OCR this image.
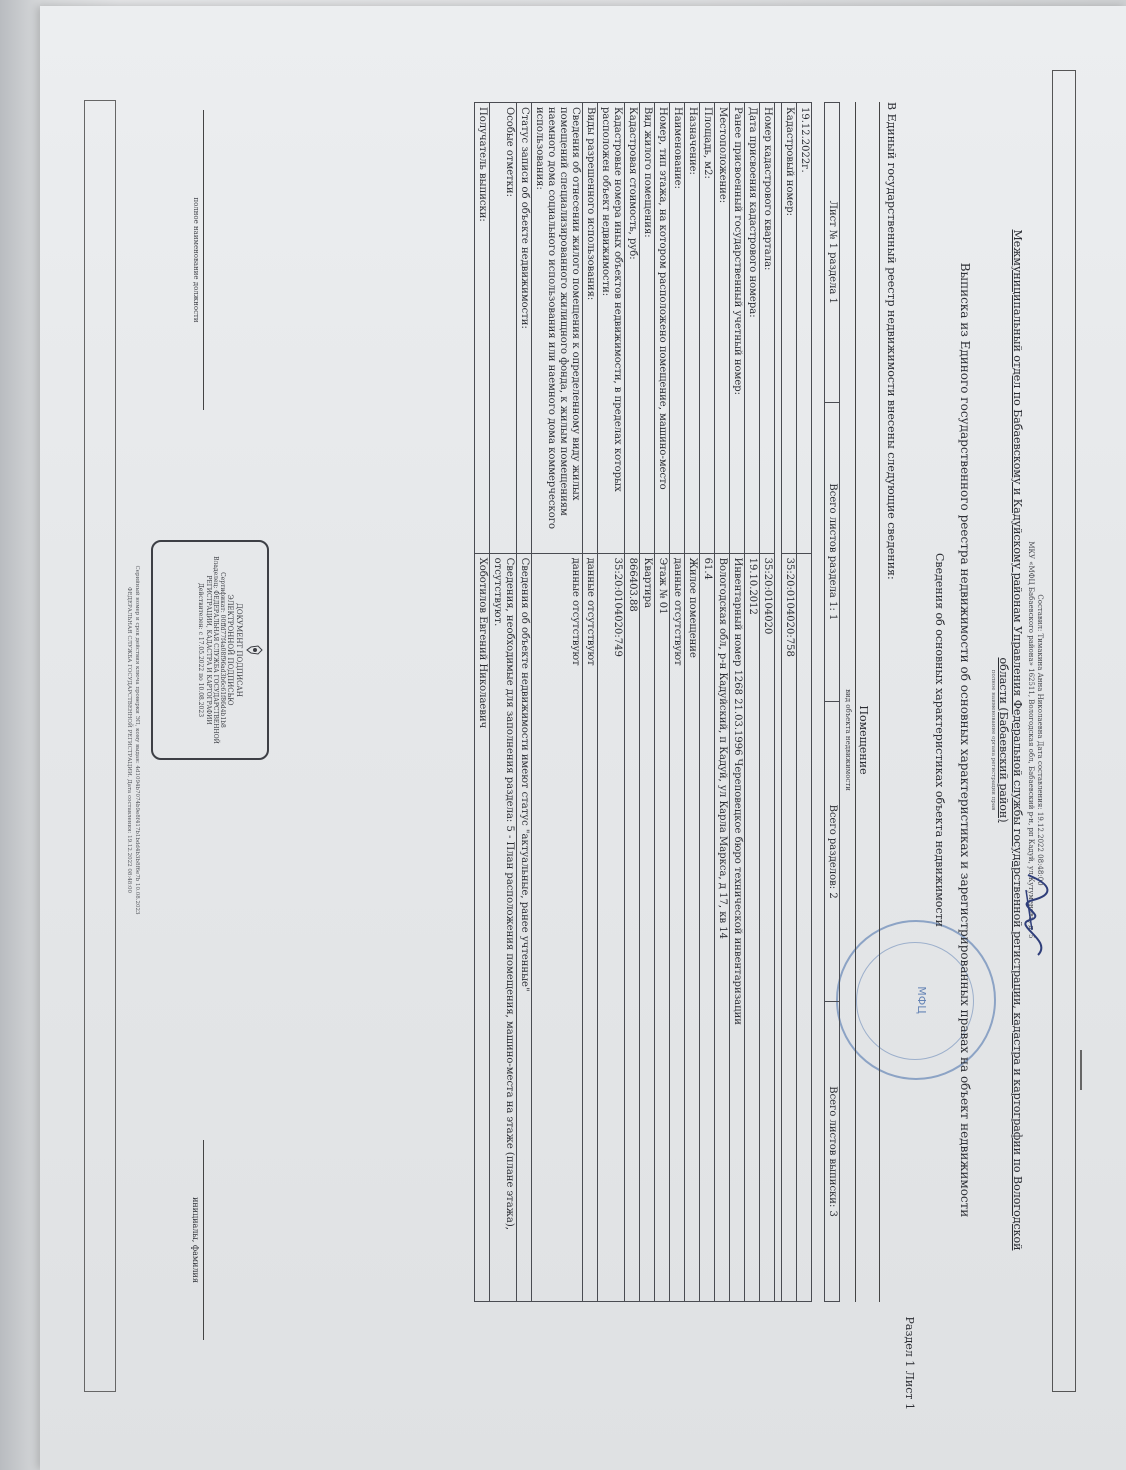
Составил: Тимакина Анна Николаевна Дата составления: 19.12.2022 08:48:00
МКУ «МФЦ Бабаевского района» 162511, Вологодская обл, Бабаевский р-н, рп Кадуй, ул Кутуменова, д. 5
Межмуниципальный отдел по Бабаевскому и Кадуйскому районам Управления Федеральной службы государственной регистрации, кадастра и картографии по Вологодской
области (Бабаевский район)
полное наименование органа регистрации прав
МФЦ	Выписка из Единого государственного реестра недвижимости об основных характеристиках и зарегистрированных правах на объект недвижимости
Сведения об основных характеристиках объекта недвижимости
Раздел 1 Лист 1
В Единый государственный реестр недвижимости внесены следующие сведения:
Помещение
вид объекта недвижимости
Лист № 1 раздела 1	Всего листов раздела 1: 1	Всего разделов: 2	Всего листов выписки: 3
19.12.2022г.	
Кадастровый номер:	35:20:0104020:758

Номер кадастрового квартала:	35:20:0104020
Дата присвоения кадастрового номера:	19.10.2012
Ранее присвоенный государственный учетный номер:	Инвентарный номер 1268 21.03.1996 Череповецкое бюро технической инвентаризации
Местоположение:	Вологодская обл, р-н Кадуйский, п Кадуй, ул Карла Маркса, д 17, кв 14
Площадь, м2:	61.4
Назначение:	Жилое помещение
Наименование:	данные отсутствуют
Номер, тип этажа, на котором расположено помещение, машино-место	Этаж № 01
Вид жилого помещения:	Квартира
Кадастровая стоимость, руб:	866403.88
Кадастровые номера иных объектов недвижимости, в пределах которых расположен объект недвижимости:	35:20:0104020:749
Виды разрешенного использования:	данные отсутствуют
Сведения об отнесении жилого помещения к определенному виду жилых помещений специализированного жилищного фонда, к жилым помещениям наемного дома социального использования или наемного дома коммерческого использования:	данные отсутствуют
Статус записи об объекте недвижимости:	Сведения об объекте недвижимости имеют статус "актуальные, ранее учтенные"
Особые отметки:	Сведения, необходимые для заполнения раздела: 5 - План расположения помещения, машино-места на этаже (плане этажа), отсутствуют.
Получатель выписки:	Хоботилов Евгений Николаевич
полное наименование должности
инициалы, фамилия
ДОКУМЕНТ ПОДПИСАН
ЭЛЕКТРОННОЙ ПОДПИСЬЮ
Сертификат: 00ffd77f4a08f96ad3b6c61f86d4b1b8
Владелец: ФЕДЕРАЛЬНАЯ СЛУЖБА ГОСУДАРСТВЕННОЙ
РЕГИСТРАЦИИ, КАДАСТРА И КАРТОГРАФИИ
Действителен: с 17.05.2022 по 10.08.2023
Серийный номер и срок действия ключа проверки ЭП, кому выдан: 4d1094b7074b9e8f417b1bdd4b3b8f6e7b 10.08.2023
ФЕДЕРАЛЬНАЯ СЛУЖБА ГОСУДАРСТВЕННОЙ РЕГИСТРАЦИИ. Дата составления: 19.12.2022 08:48:00
